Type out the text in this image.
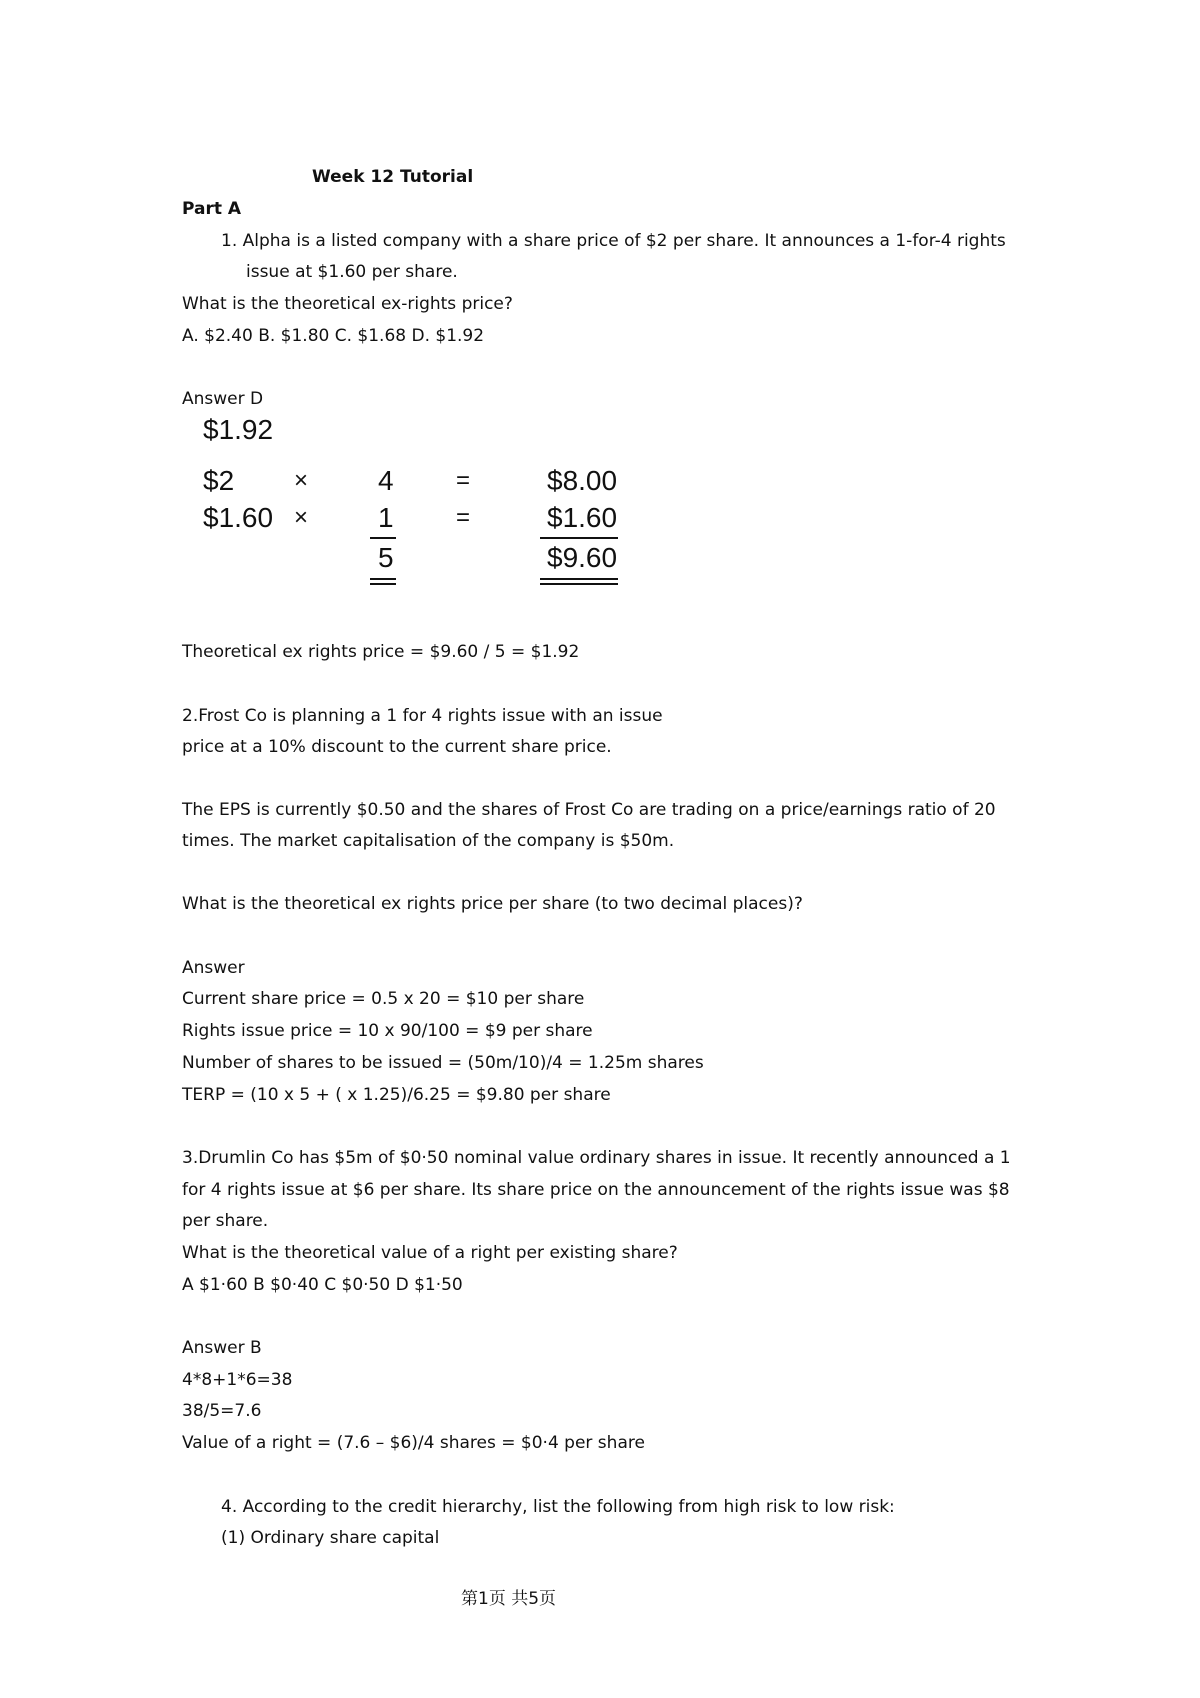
Week 12 Tutorial
Part A
1. Alpha is a listed company with a share price of $2 per share. It announces a 1-for-4 rights
issue at $1.60 per share.
What is the theoretical ex-rights price?
A. $2.40 B. $1.80 C. $1.68 D. $1.92
Answer D
$1.92
$2 × 4	=	$8.00
$1.60 × 1	=	$1.60
5	$9.60
Theoretical ex rights price = $9.60 / 5 = $1.92
2.Frost Co is planning a 1 for 4 rights issue with an issue
price at a 10% discount to the current share price.
The EPS is currently $0.50 and the shares of Frost Co are trading on a price/earnings ratio of 20
times. The market capitalisation of the company is $50m.
What is the theoretical ex rights price per share (to two decimal places)?
Answer
Current share price = 0.5 x 20 = $10 per share
Rights issue price = 10 x 90/100 = $9 per share
Number of shares to be issued = (50m/10)/4 = 1.25m shares
TERP = (10 x 5 + ( x 1.25)/6.25 = $9.80 per share
3.Drumlin Co has $5m of $0·50 nominal value ordinary shares in issue. It recently announced a 1
for 4 rights issue at $6 per share. Its share price on the announcement of the rights issue was $8
per share.
What is the theoretical value of a right per existing share?
A $1·60 B $0·40 C $0·50 D $1·50
Answer B
4*8+1*6=38
38/5=7.6
Value of a right = (7.6 – $6)/4 shares = $0·4 per share
4. According to the credit hierarchy, list the following from high risk to low risk:
(1) Ordinary share capital
第1页 共5页
